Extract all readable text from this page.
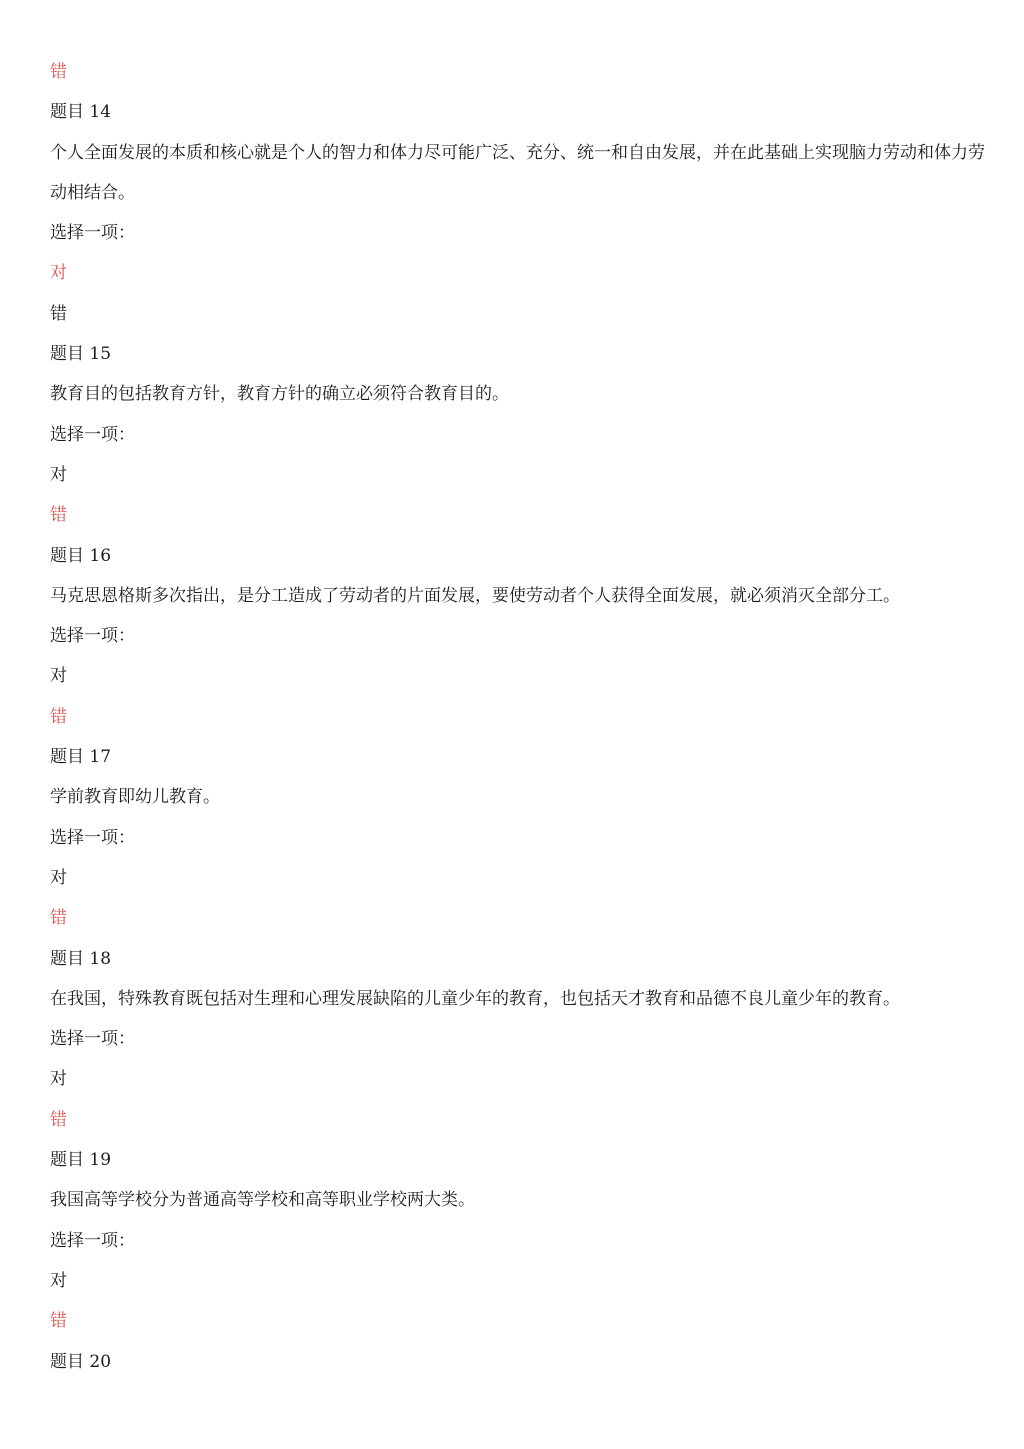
错
题目 14
个人全面发展的本质和核心就是个人的智力和体力尽可能广泛、充分、统一和自由发展，并在此基础上实现脑力劳动和体力劳动相结合。
选择一项：
对
错
题目 15
教育目的包括教育方针，教育方针的确立必须符合教育目的。
选择一项：
对
错
题目 16
马克思恩格斯多次指出，是分工造成了劳动者的片面发展，要使劳动者个人获得全面发展，就必须消灭全部分工。
选择一项：
对
错
题目 17
学前教育即幼儿教育。
选择一项：
对
错
题目 18
在我国，特殊教育既包括对生理和心理发展缺陷的儿童少年的教育，也包括天才教育和品德不良儿童少年的教育。
选择一项：
对
错
题目 19
我国高等学校分为普通高等学校和高等职业学校两大类。
选择一项：
对
错
题目 20
